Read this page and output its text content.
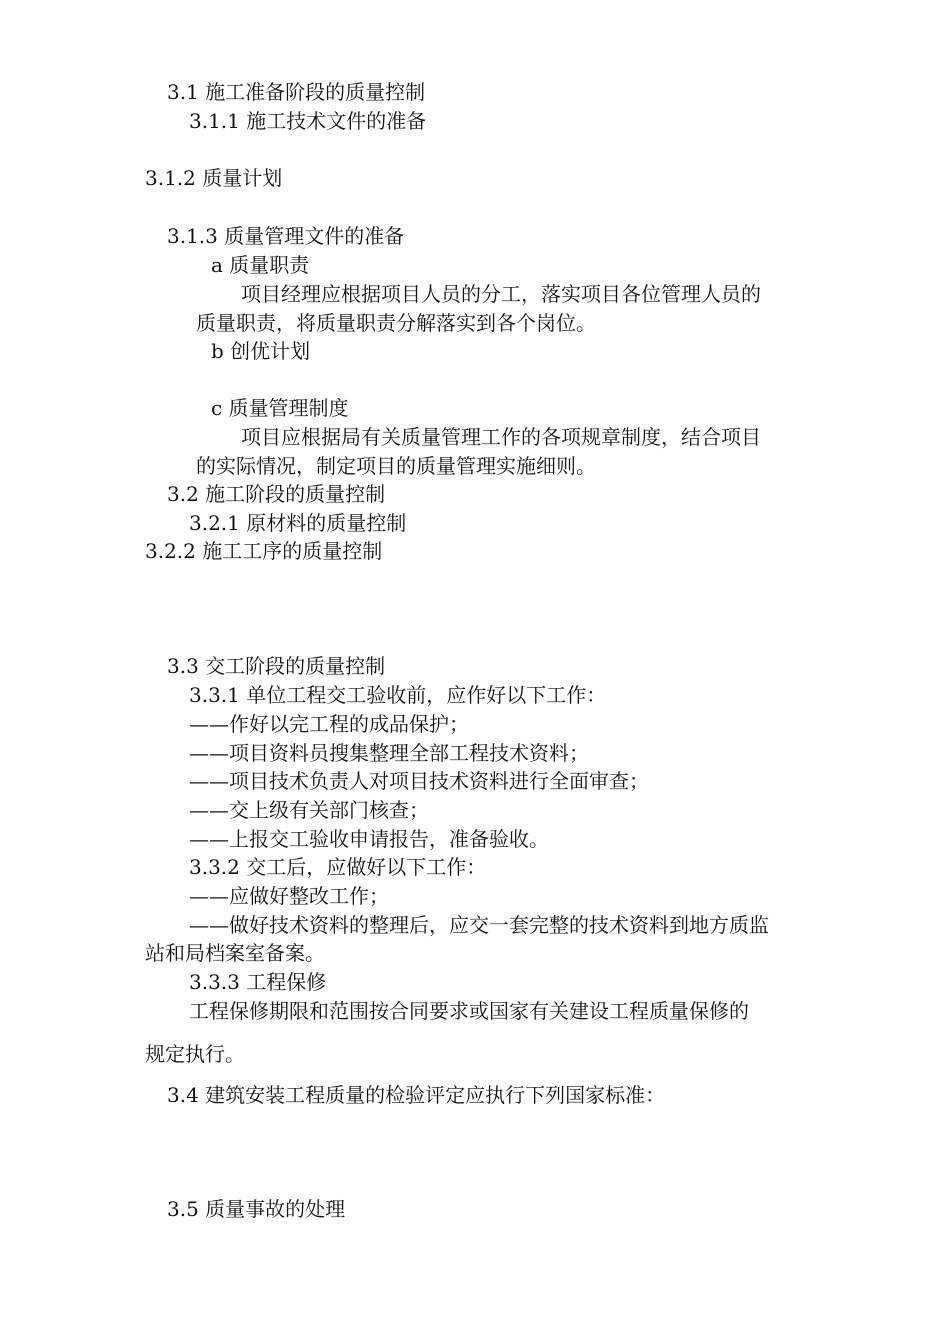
3.1 施工准备阶段的质量控制

3.1.1 施工技术文件的准备

3.1.2 质量计划

3.1.3 质量管理文件的准备

a 质量职责

项目经理应根据项目人员的分工，落实项目各位管理人员的

质量职责，将质量职责分解落实到各个岗位。

b 创优计划

c 质量管理制度

项目应根据局有关质量管理工作的各项规章制度，结合项目

的实际情况，制定项目的质量管理实施细则。

3.2 施工阶段的质量控制

3.2.1 原材料的质量控制

3.2.2 施工工序的质量控制

3.3 交工阶段的质量控制

3.3.1 单位工程交工验收前，应作好以下工作：

——作好以完工程的成品保护；

——项目资料员搜集整理全部工程技术资料；

——项目技术负责人对项目技术资料进行全面审查；

——交上级有关部门核查；

——上报交工验收申请报告，准备验收。

3.3.2 交工后，应做好以下工作：

——应做好整改工作；

——做好技术资料的整理后，应交一套完整的技术资料到地方质监

站和局档案室备案。

3.3.3 工程保修

工程保修期限和范围按合同要求或国家有关建设工程质量保修的

规定执行。

3.4 建筑安装工程质量的检验评定应执行下列国家标准：

3.5 质量事故的处理
